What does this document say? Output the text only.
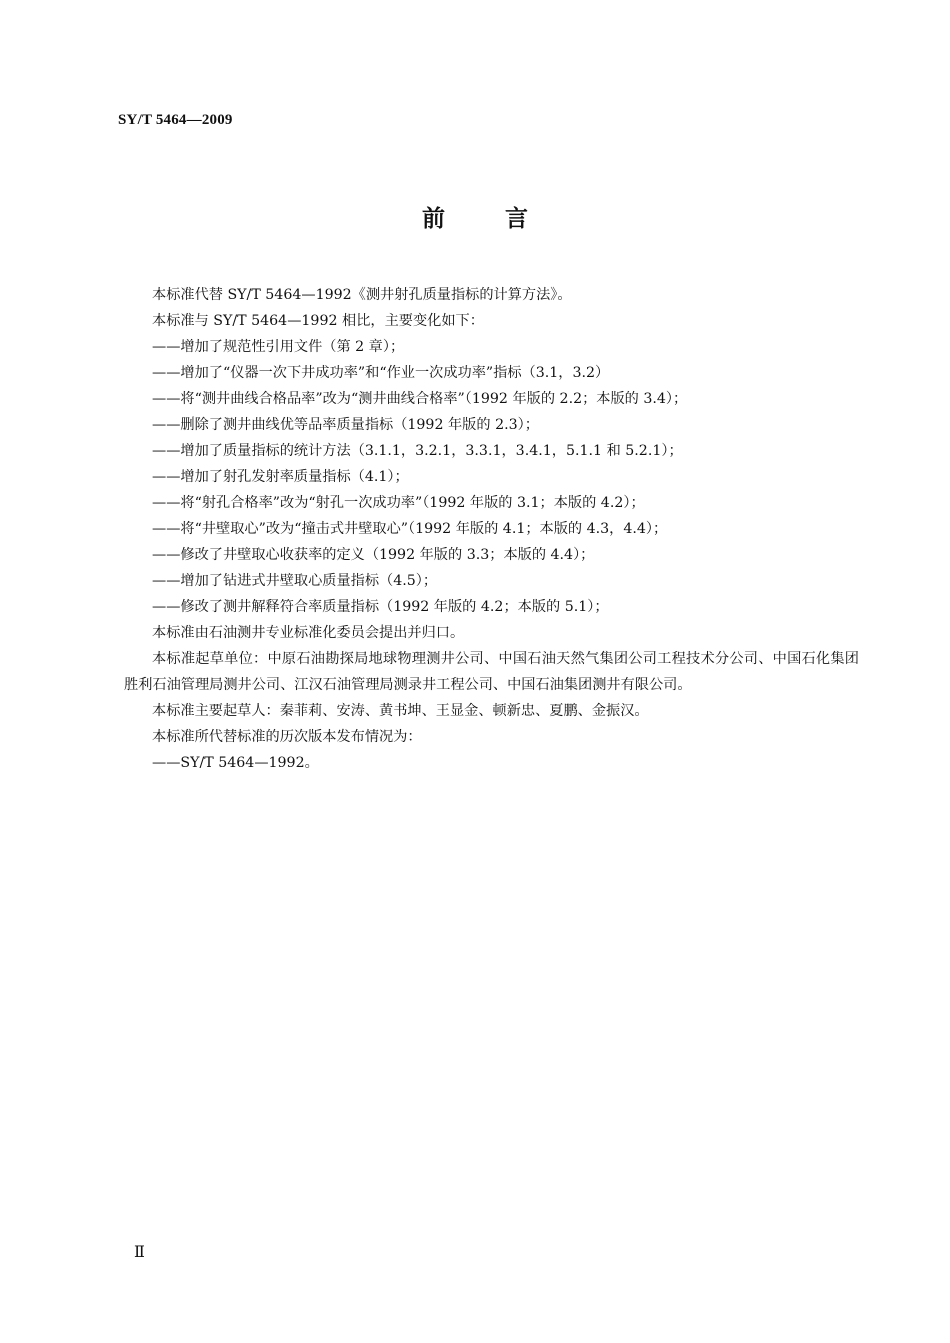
SY/T 5464—2009
前言

本标准代替 SY/T 5464—1992《测井射孔质量指标的计算方法》。

本标准与 SY/T 5464—1992 相比，主要变化如下：

——增加了规范性引用文件（第 2 章）；

——增加了“仪器一次下井成功率”和“作业一次成功率”指标（3.1，3.2）

——将“测井曲线合格品率”改为“测井曲线合格率”（1992 年版的 2.2；本版的 3.4）；

——删除了测井曲线优等品率质量指标（1992 年版的 2.3）；

——增加了质量指标的统计方法（3.1.1，3.2.1，3.3.1，3.4.1，5.1.1 和 5.2.1）；

——增加了射孔发射率质量指标（4.1）；

——将“射孔合格率”改为“射孔一次成功率”（1992 年版的 3.1；本版的 4.2）；

——将“井壁取心”改为“撞击式井壁取心”（1992 年版的 4.1；本版的 4.3，4.4）；

——修改了井壁取心收获率的定义（1992 年版的 3.3；本版的 4.4）；

——增加了钻进式井壁取心质量指标（4.5）；

——修改了测井解释符合率质量指标（1992 年版的 4.2；本版的 5.1）；

本标准由石油测井专业标准化委员会提出并归口。

本标准起草单位：中原石油勘探局地球物理测井公司、中国石油天然气集团公司工程技术分公司、中国石化集团胜利石油管理局测井公司、江汉石油管理局测录井工程公司、中国石油集团测井有限公司。

本标准主要起草人：秦菲莉、安涛、黄书坤、王显金、顿新忠、夏鹏、金振汉。

本标准所代替标准的历次版本发布情况为：

——SY/T 5464—1992。

Ⅱ
